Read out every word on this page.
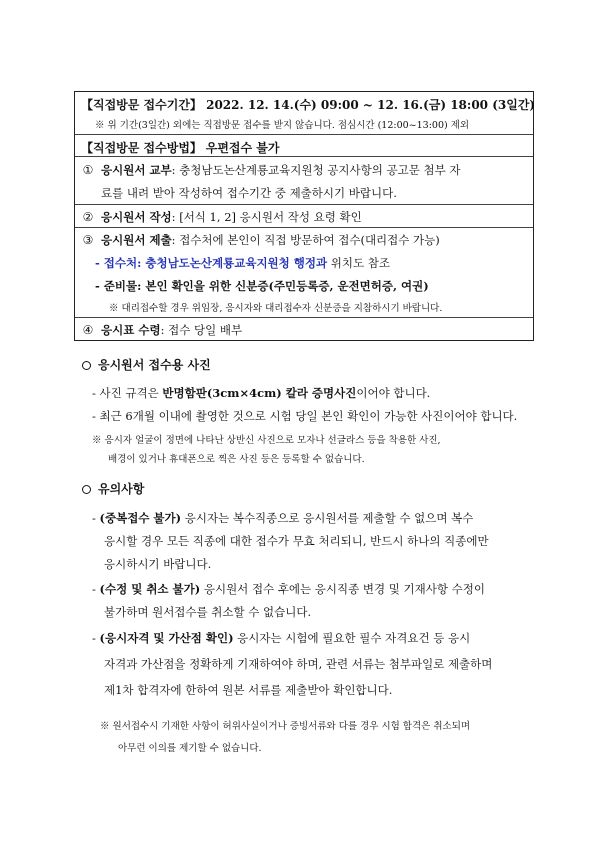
【직접방문 접수기간】 2022. 12. 14.(수) 09:00 ~ 12. 16.(금) 18:00 (3일간)
※ 위 기간(3일간) 외에는 직접방문 접수를 받지 않습니다. 점심시간 (12:00~13:00) 제외
【직접방문 접수방법】 우편접수 불가
① 응시원서 교부: 충청남도논산계룡교육지원청 공지사항의 공고문 첨부 자
료를 내려 받아 작성하여 접수기간 중 제출하시기 바랍니다.
② 응시원서 작성: [서식 1, 2] 응시원서 작성 요령 확인
③ 응시원서 제출: 접수처에 본인이 직접 방문하여 접수(대리접수 가능)
- 접수처: 충청남도논산계룡교육지원청 행정과 위치도 참조
- 준비물: 본인 확인을 위한 신분증(주민등록증, 운전면허증, 여권)
※ 대리접수할 경우 위임장, 응시자와 대리접수자 신분증을 지참하시기 바랍니다.
④ 응시표 수령: 접수 당일 배부
응시원서 접수용 사진
- 사진 규격은 반명함판(3cm×4cm) 칼라 증명사진이어야 합니다.
- 최근 6개월 이내에 촬영한 것으로 시험 당일 본인 확인이 가능한 사진이어야 합니다.
※ 응시자 얼굴이 정면에 나타난 상반신 사진으로 모자나 선글라스 등을 착용한 사진,
배경이 있거나 휴대폰으로 찍은 사진 등은 등록할 수 없습니다.
유의사항
- (중복접수 불가) 응시자는 복수직종으로 응시원서를 제출할 수 없으며 복수
응시할 경우 모든 직종에 대한 접수가 무효 처리되니, 반드시 하나의 직종에만
응시하시기 바랍니다.
- (수정 및 취소 불가) 응시원서 접수 후에는 응시직종 변경 및 기재사항 수정이
불가하며 원서접수를 취소할 수 없습니다.
- (응시자격 및 가산점 확인) 응시자는 시험에 필요한 필수 자격요건 등 응시
자격과 가산점을 정확하게 기재하여야 하며, 관련 서류는 첨부파일로 제출하며
제1차 합격자에 한하여 원본 서류를 제출받아 확인합니다.
※ 원서접수시 기재한 사항이 허위사실이거나 증빙서류와 다를 경우 시험 합격은 취소되며
아무런 이의를 제기할 수 없습니다.
